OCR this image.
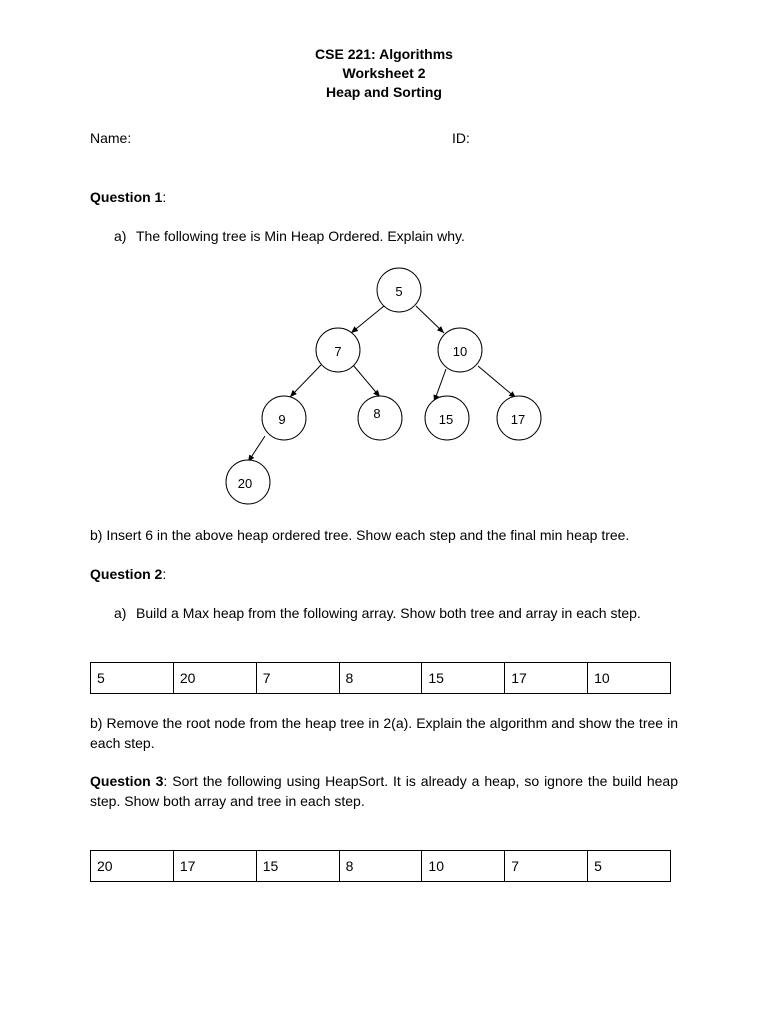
CSE 221: Algorithms
Worksheet 2
Heap and Sorting
Name:	ID:
Question 1:
a) The following tree is Min Heap Ordered. Explain why.
5
7	10
9	8	15	17
20
b) Insert 6 in the above heap ordered tree. Show each step and the final min heap tree.
Question 2:
a) Build a Max heap from the following array. Show both tree and array in each step.
5	20	7	8	15	17	10
b) Remove the root node from the heap tree in 2(a). Explain the algorithm and show the tree in each step.
Question 3: Sort the following using HeapSort. It is already a heap, so ignore the build heap step. Show both array and tree in each step.
20	17	15	8	10	7	5
